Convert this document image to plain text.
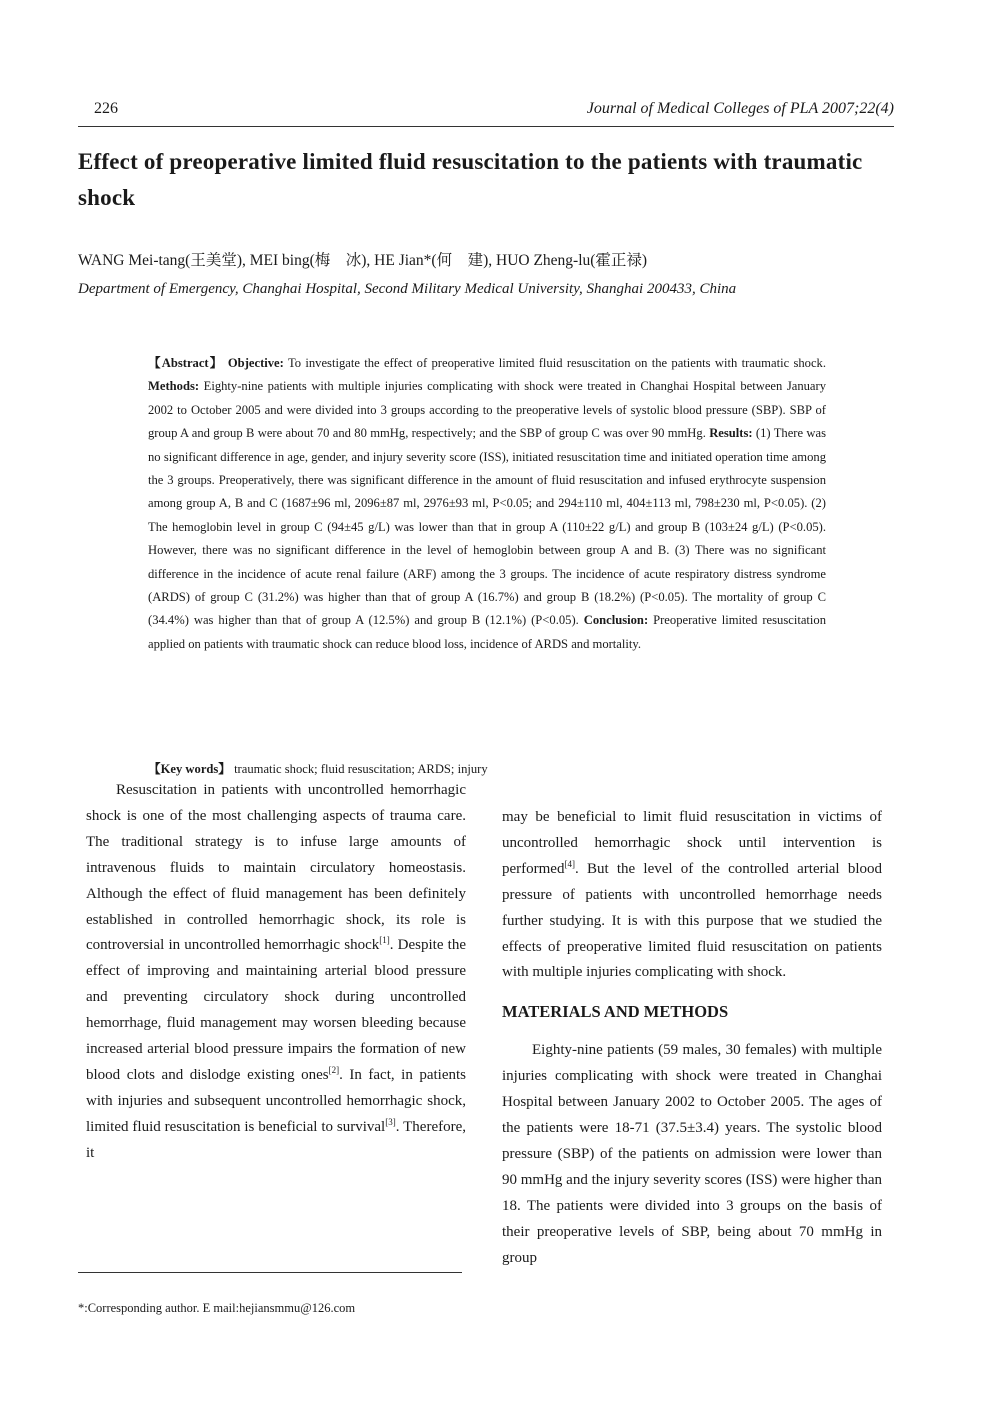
226	Journal of Medical Colleges of PLA 2007;22(4)
Effect of preoperative limited fluid resuscitation to the patients with traumatic shock
WANG Mei-tang(王美堂), MEI bing(梅　冰), HE Jian*(何　建), HUO Zheng-lu(霍正禄)
Department of Emergency, Changhai Hospital, Second Military Medical University, Shanghai 200433, China
【Abstract】 Objective: To investigate the effect of preoperative limited fluid resuscitation on the patients with traumatic shock. Methods: Eighty-nine patients with multiple injuries complicating with shock were treated in Changhai Hospital between January 2002 to October 2005 and were divided into 3 groups according to the preoperative levels of systolic blood pressure (SBP). SBP of group A and group B were about 70 and 80 mmHg, respectively; and the SBP of group C was over 90 mmHg. Results: (1) There was no significant difference in age, gender, and injury severity score (ISS), initiated resuscitation time and initiated operation time among the 3 groups. Preoperatively, there was significant difference in the amount of fluid resuscitation and infused erythrocyte suspension among group A, B and C (1687±96 ml, 2096±87 ml, 2976±93 ml, P<0.05; and 294±110 ml, 404±113 ml, 798±230 ml, P<0.05). (2) The hemoglobin level in group C (94±45 g/L) was lower than that in group A (110±22 g/L) and group B (103±24 g/L) (P<0.05). However, there was no significant difference in the level of hemoglobin between group A and B. (3) There was no significant difference in the incidence of acute renal failure (ARF) among the 3 groups. The incidence of acute respiratory distress syndrome (ARDS) of group C (31.2%) was higher than that of group A (16.7%) and group B (18.2%) (P<0.05). The mortality of group C (34.4%) was higher than that of group A (12.5%) and group B (12.1%) (P<0.05). Conclusion: Preoperative limited resuscitation applied on patients with traumatic shock can reduce blood loss, incidence of ARDS and mortality.
【Key words】 traumatic shock; fluid resuscitation; ARDS; injury

Resuscitation in patients with uncontrolled hemorrhagic shock is one of the most challenging aspects of trauma care. The traditional strategy is to infuse large amounts of intravenous fluids to maintain circulatory homeostasis. Although the effect of fluid management has been definitely established in controlled hemorrhagic shock, its role is controversial in uncontrolled hemorrhagic shock[1]. Despite the effect of improving and maintaining arterial blood pressure and preventing circulatory shock during uncontrolled hemorrhage, fluid management may worsen bleeding because increased arterial blood pressure impairs the formation of new blood clots and dislodge existing ones[2]. In fact, in patients with injuries and subsequent uncontrolled hemorrhagic shock, limited fluid resuscitation is beneficial to survival[3]. Therefore, it

may be beneficial to limit fluid resuscitation in victims of uncontrolled hemorrhagic shock until intervention is performed[4]. But the level of the controlled arterial blood pressure of patients with uncontrolled hemorrhage needs further studying. It is with this purpose that we studied the effects of preoperative limited fluid resuscitation on patients with multiple injuries complicating with shock.

MATERIALS AND METHODS

Eighty-nine patients (59 males, 30 females) with multiple injuries complicating with shock were treated in Changhai Hospital between January 2002 to October 2005. The ages of the patients were 18-71 (37.5±3.4) years. The systolic blood pressure (SBP) of the patients on admission were lower than 90 mmHg and the injury severity scores (ISS) were higher than 18. The patients were divided into 3 groups on the basis of their preoperative levels of SBP, being about 70 mmHg in group

*:Corresponding author. E mail:hejiansmmu@126.com
